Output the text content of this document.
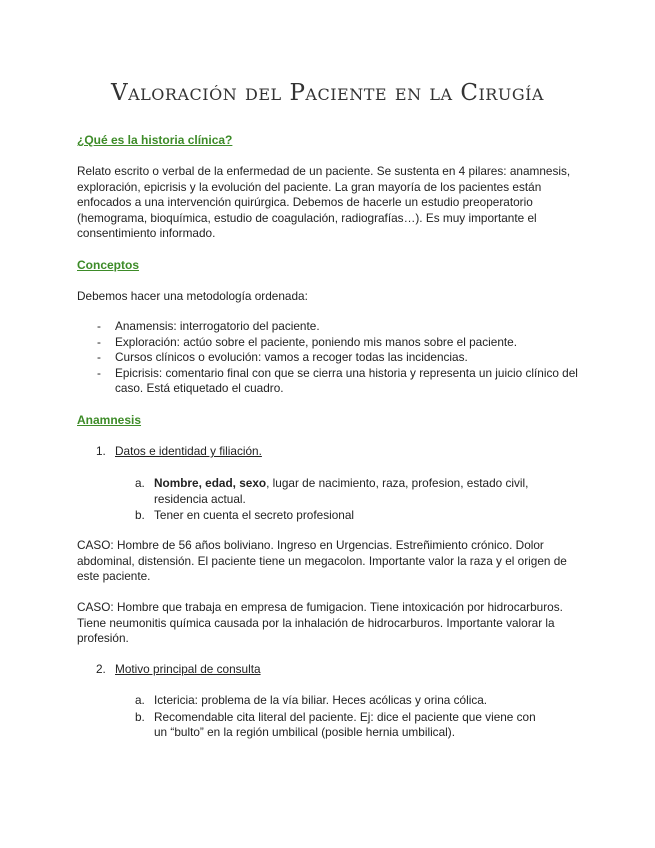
Valoración del Paciente en la Cirugía
¿Qué es la historia clínica?

Relato escrito o verbal de la enfermedad de un paciente. Se sustenta en 4 pilares: anamnesis, exploración, epicrisis y la evolución del paciente. La gran mayoría de los pacientes están enfocados a una intervención quirúrgica. Debemos de hacerle un estudio preoperatorio (hemograma, bioquímica, estudio de coagulación, radiografías…). Es muy importante el consentimiento informado.

Conceptos

Debemos hacer una metodología ordenada:

- Anamensis: interrogatorio del paciente.
- Exploración: actúo sobre el paciente, poniendo mis manos sobre el paciente.
- Cursos clínicos o evolución: vamos a recoger todas las incidencias.
- Epicrisis: comentario final con que se cierra una historia y representa un juicio clínico del caso. Está etiquetado el cuadro.
Anamnesis
1. Datos e identidad y filiación.
a. Nombre, edad, sexo, lugar de nacimiento, raza, profesion, estado civil, residencia actual.
b. Tener en cuenta el secreto profesional

CASO: Hombre de 56 años boliviano. Ingreso en Urgencias. Estreñimiento crónico. Dolor abdominal, distensión. El paciente tiene un megacolon. Importante valor la raza y el origen de este paciente.

CASO: Hombre que trabaja en empresa de fumigacion. Tiene intoxicación por hidrocarburos. Tiene neumonitis química causada por la inhalación de hidrocarburos. Importante valorar la profesión.

2. Motivo principal de consulta
a. Ictericia: problema de la vía biliar. Heces acólicas y orina cólica.
b. Recomendable cita literal del paciente. Ej: dice el paciente que viene con un “bulto” en la región umbilical (posible hernia umbilical).
